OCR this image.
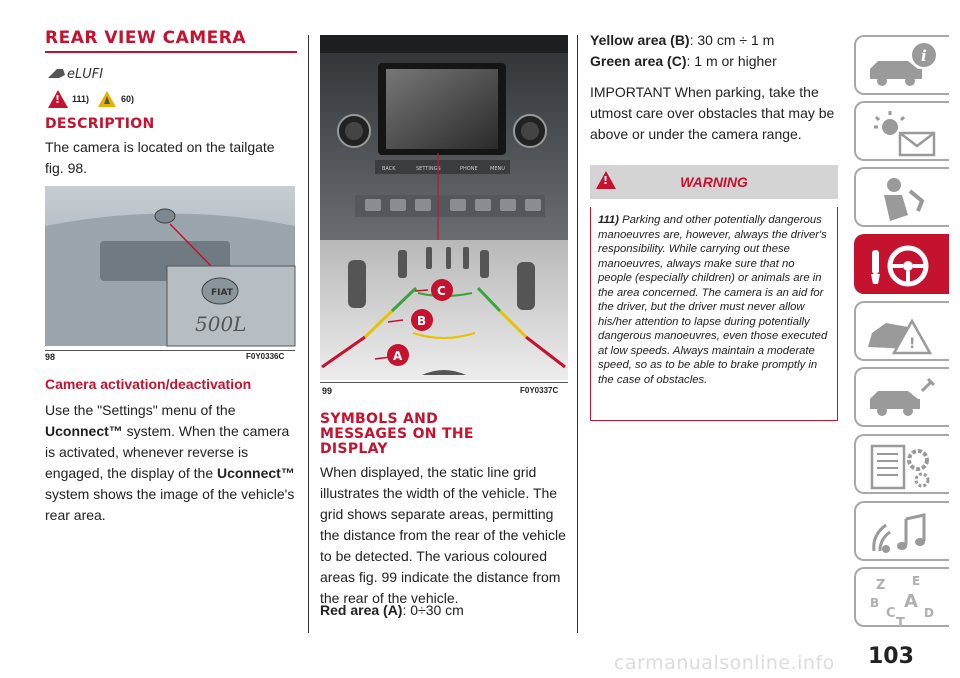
REAR VIEW CAMERA
eLUFI
!
111)	60)
DESCRIPTION
The camera is located on the tailgate fig. 98.
FIAT
500L
98	F0Y0336C
Camera activation/deactivation
Use the "Settings" menu of the Uconnect™ system. When the camera is activated, whenever reverse is engaged, the display of the Uconnect™ system shows the image of the vehicle's rear area.
BACK	SETTINGS	PHONE MENU
C
B
A
99	F0Y0337C
SYMBOLS AND
MESSAGES ON THE
DISPLAY
When displayed, the static line grid illustrates the width of the vehicle. The grid shows separate areas, permitting the distance from the rear of the vehicle to be detected. The various coloured areas fig. 99 indicate the distance from the rear of the vehicle.
Red area (A): 0÷30 cm
Yellow area (B): 30 cm ÷ 1 m
Green area (C): 1 m or higher
IMPORTANT When parking, take the utmost care over obstacles that may be above or under the camera range.
!
WARNING
111) Parking and other potentially dangerous manoeuvres are, however, always the driver's responsibility. While carrying out these manoeuvres, always make sure that no people (especially children) or animals are in the area concerned. The camera is an aid for the driver, but the driver must never allow his/her attention to lapse during potentially dangerous manoeuvres, even those executed at low speeds. Always maintain a moderate speed, so as to be able to brake promptly in the case of obstacles.
i
!
Z E
B A
C D
T
103
carmanualsonline.info
